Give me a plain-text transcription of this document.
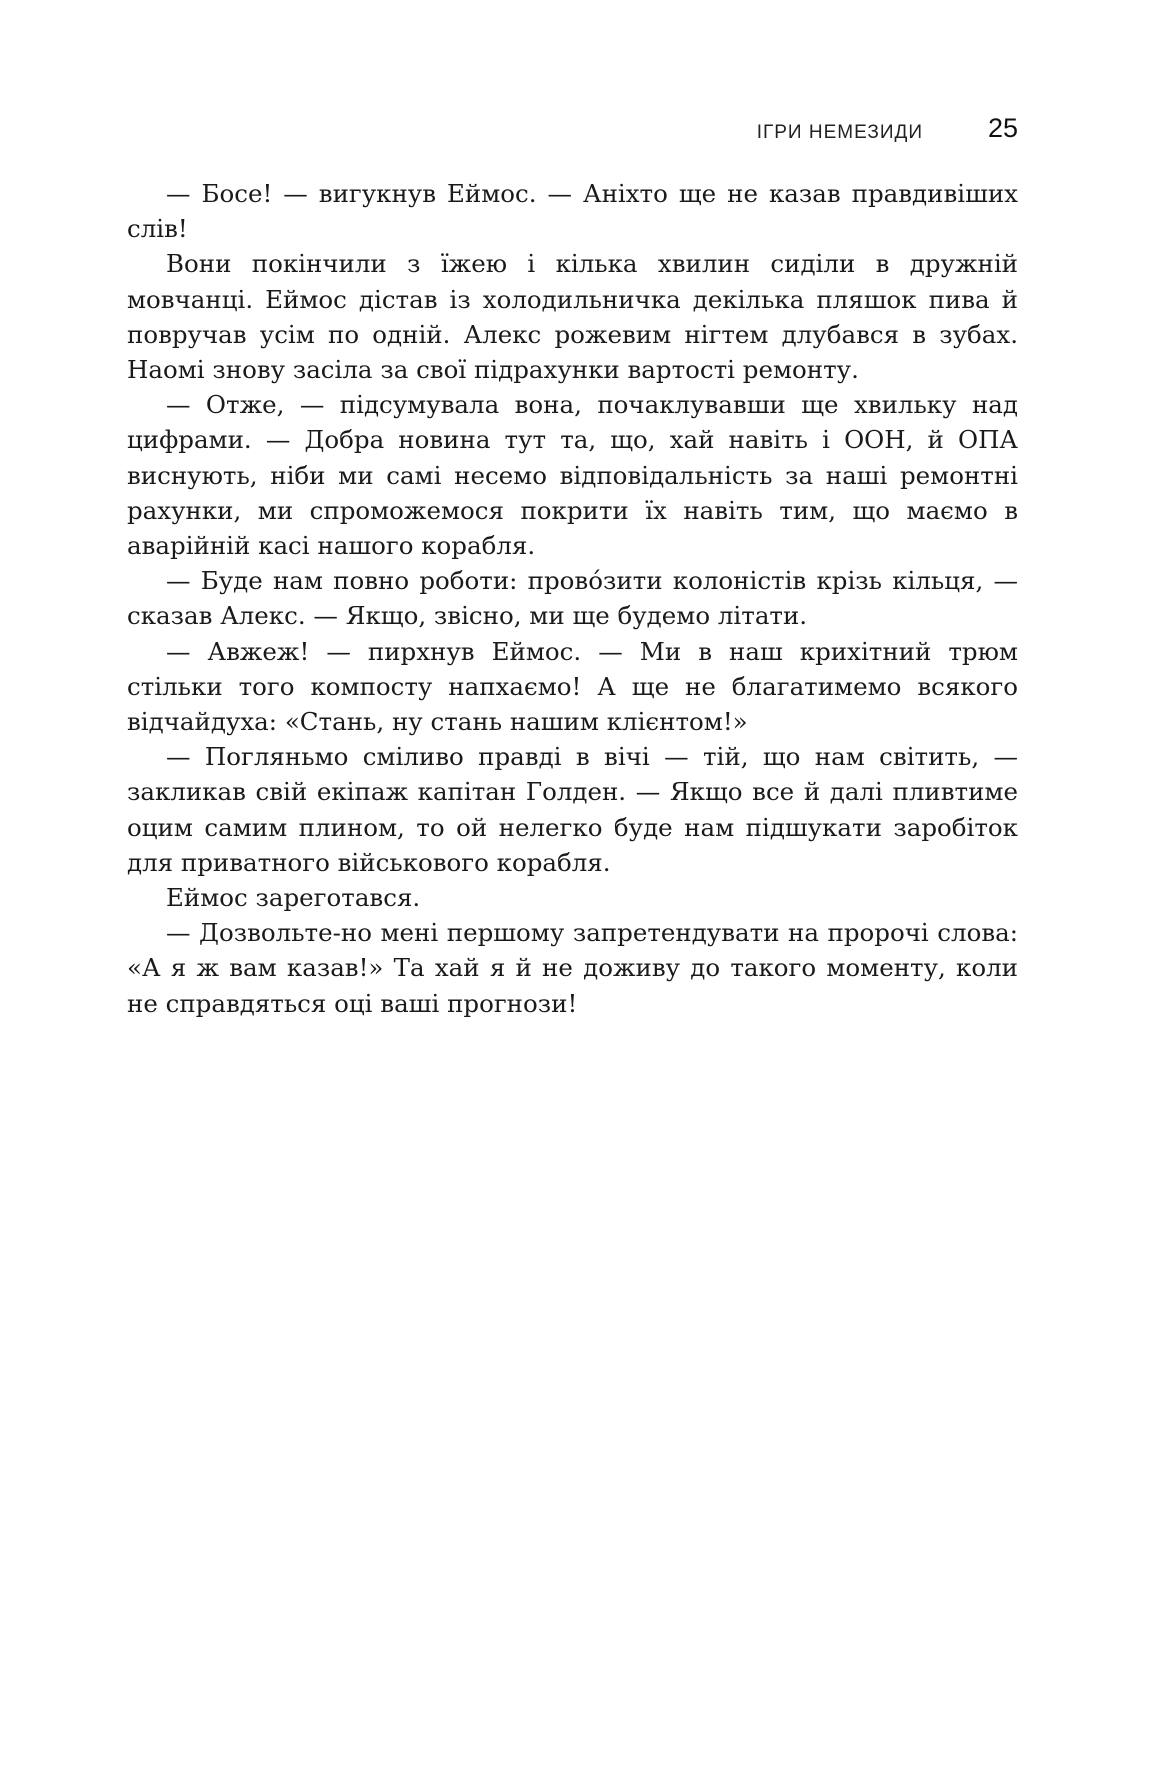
ІГРИ НЕМЕЗИДИ 25

— Босе! — вигукнув Еймос. — Аніхто ще не казав правдивіших слів!

Вони покінчили з їжею і кілька хвилин сиділи в дружній мовчанці. Еймос дістав із холодильничка декілька пляшок пива й повручав усім по одній. Алекс рожевим нігтем длубався в зубах. Наомі знову засіла за свої підрахунки вартості ремонту.

— Отже, — підсумувала вона, почаклувавши ще хвильку над цифрами. — Добра новина тут та, що, хай навіть і ООН, й ОПА виснують, ніби ми самі несемо відповідальність за наші ремонтні рахунки, ми спроможемося покрити їх навіть тим, що маємо в аварійній касі нашого корабля.

— Буде нам повно роботи: провóзити колоністів крізь кільця, — сказав Алекс. — Якщо, звісно, ми ще будемо літати.

— Авжеж! — пирхнув Еймос. — Ми в наш крихітний трюм стільки того компосту напхаємо! А ще не благатимемо всякого відчайдуха: «Стань, ну стань нашим клієнтом!»

— Погляньмо сміливо правді в вічі — тій, що нам світить, — закликав свій екіпаж капітан Голден. — Якщо все й далі пливтиме оцим самим плином, то ой нелегко буде нам підшукати заробіток для приватного військового корабля.

Еймос зареготався.

— Дозвольте-но мені першому запретендувати на пророчі слова: «А я ж вам казав!» Та хай я й не доживу до такого моменту, коли не справдяться оці ваші прогнози!
